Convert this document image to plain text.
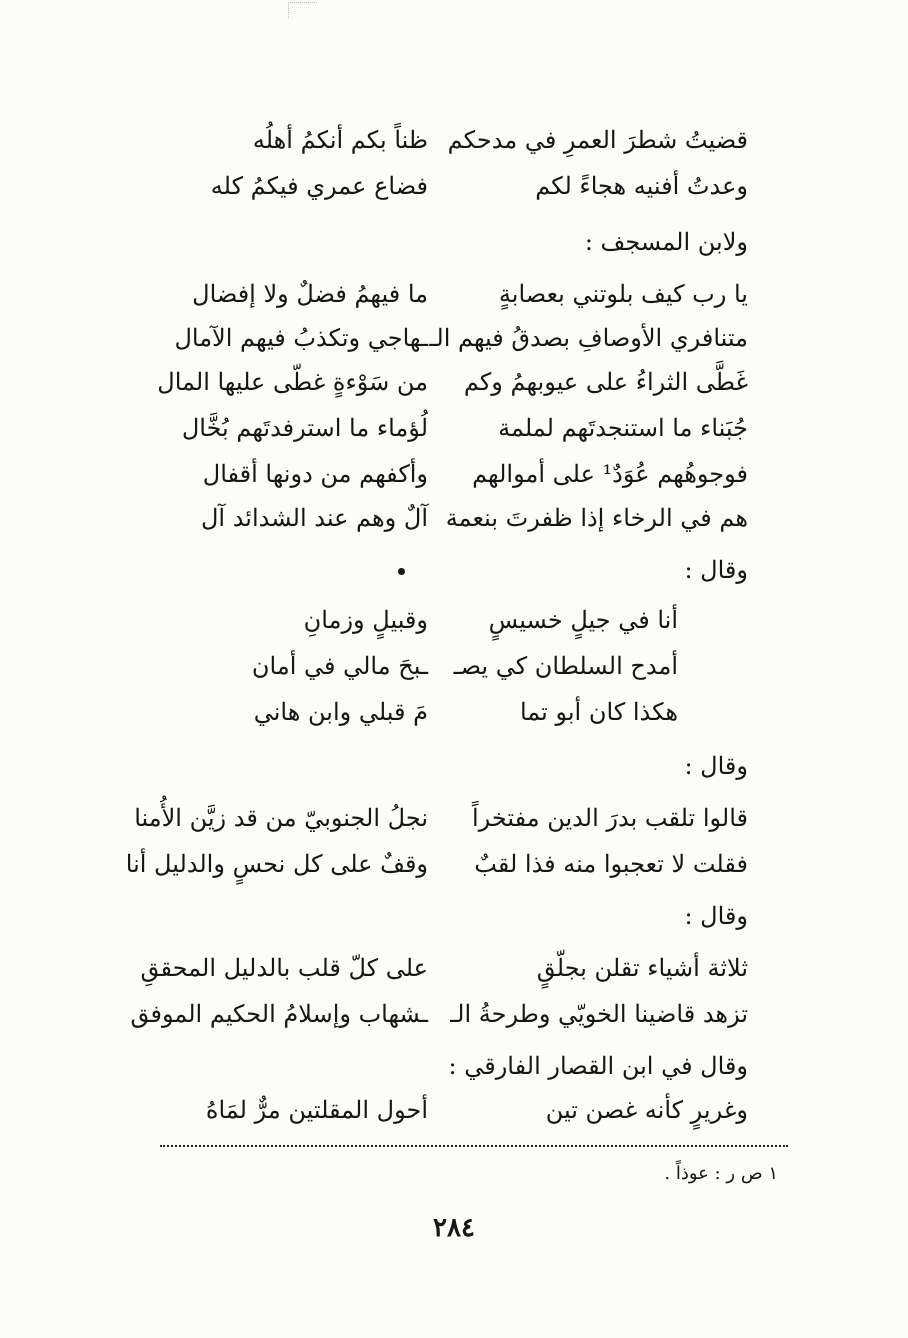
قضيتُ شطرَ العمرِ في مدحكم
ظناً بكم أنكمُ أهلُه
وعدتُ أفنيه هجاءً لكم
فضاع عمري فيكمُ كله
ولابن المسجف :
يا رب كيف بلوتني بعصابةٍ
ما فيهمُ فضلٌ ولا إفضال
متنافري الأوصافِ بصدقُ فيهم الـ
ـهاجي وتكذبُ فيهم الآمال
غَطَّى الثراءُ على عيوبهمُ وكم
من سَوْءةٍ غطّى عليها المال
جُبَناء ما استنجدتَهم لملمة
لُؤماء ما استرفدتَهم بُخَّال
فوجوهُهم عُوَدٌ¹ على أموالهم
وأكفهم من دونها أقفال
هم في الرخاء إذا ظفرتَ بنعمة
آلٌ وهم عند الشدائد آل
وقال :
أنا في جيلٍ خسيسٍ
وقبيلٍ وزمانِ
أمدح السلطان كي يصـ
ـبحَ مالي في أمان
هكذا كان أبو تما
مَ قبلي وابن هاني
وقال :
قالوا تلقب بدرَ الدين مفتخراً
نجلُ الجنوبيّ من قد زيَّن الأُمنا
فقلت لا تعجبوا منه فذا لقبٌ
وقفٌ على كل نحسٍ والدليل أنا
وقال :
ثلاثة أشياء تقلن بجلّقٍ
على كلّ قلب بالدليل المحققِ
تزهد قاضينا الخويّي وطرحةُ الـ
ـشهاب وإسلامُ الحكيم الموفق
وقال في ابن القصار الفارقي :
وغريرٍ كأنه غصن تين
أحول المقلتين مرٌّ لمَاهُ
١ ص ر : عوذاً .
٢٨٤
